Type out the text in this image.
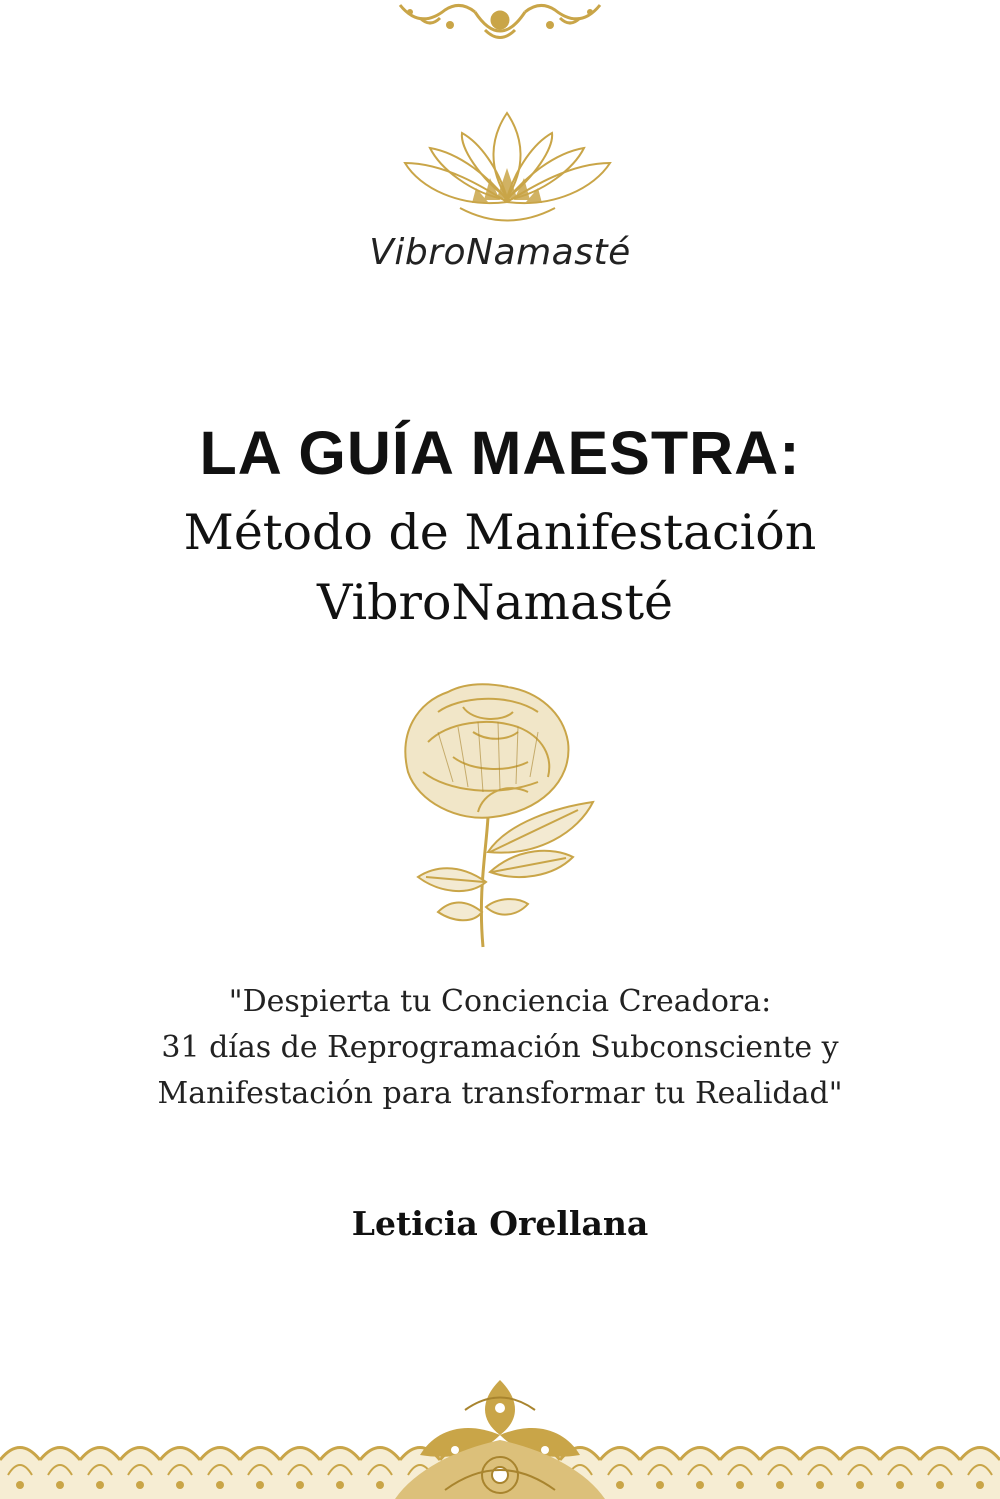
VibroNamasté
LA GUÍA MAESTRA:
Método de Manifestación
VibroNamasté
"Despierta tu Conciencia Creadora:
31 días de Reprogramación Subconsciente y
Manifestación para transformar tu Realidad"
Leticia Orellana
